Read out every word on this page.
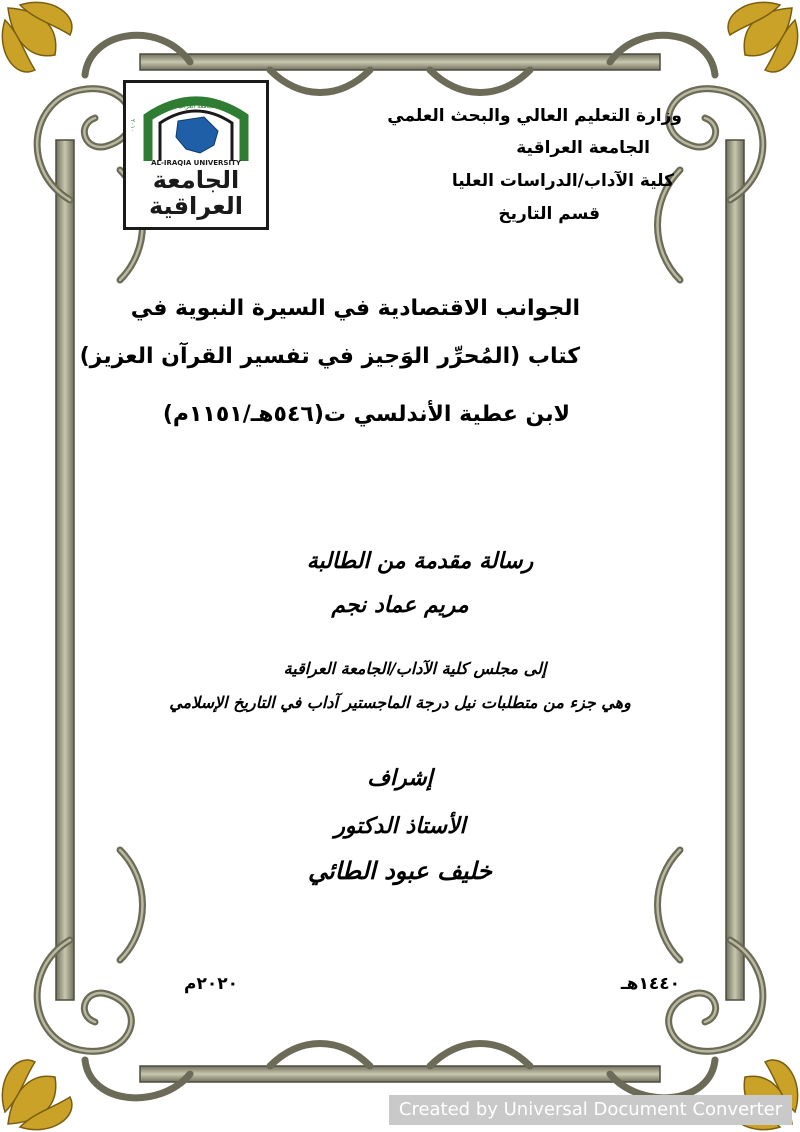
الجامعة العراقية
AL-IRAQIA UNIVERSITY
٢٠١٠
الجامعة
العراقية
وزارة التعليم العالي والبحث العلمي
الجامعة العراقية
كلية الآداب/الدراسات العليا
قسم التاريخ
الجوانب الاقتصادية في السيرة النبوية في
كتاب (المُحرِّر الوَجيز في تفسير القرآن العزيز)
لابن عطية الأندلسي ت(٥٤٦هـ/١١٥١م)
رسالة مقدمة من الطالبة
مريم عماد نجم
إلى مجلس كلية الآداب/الجامعة العراقية
وهي جزء من متطلبات نيل درجة الماجستير آداب في التاريخ الإسلامي
إشراف
الأستاذ الدكتور
خليف عبود الطائي
١٤٤٠هـ
٢٠٢٠م
Created by Universal Document Converter
